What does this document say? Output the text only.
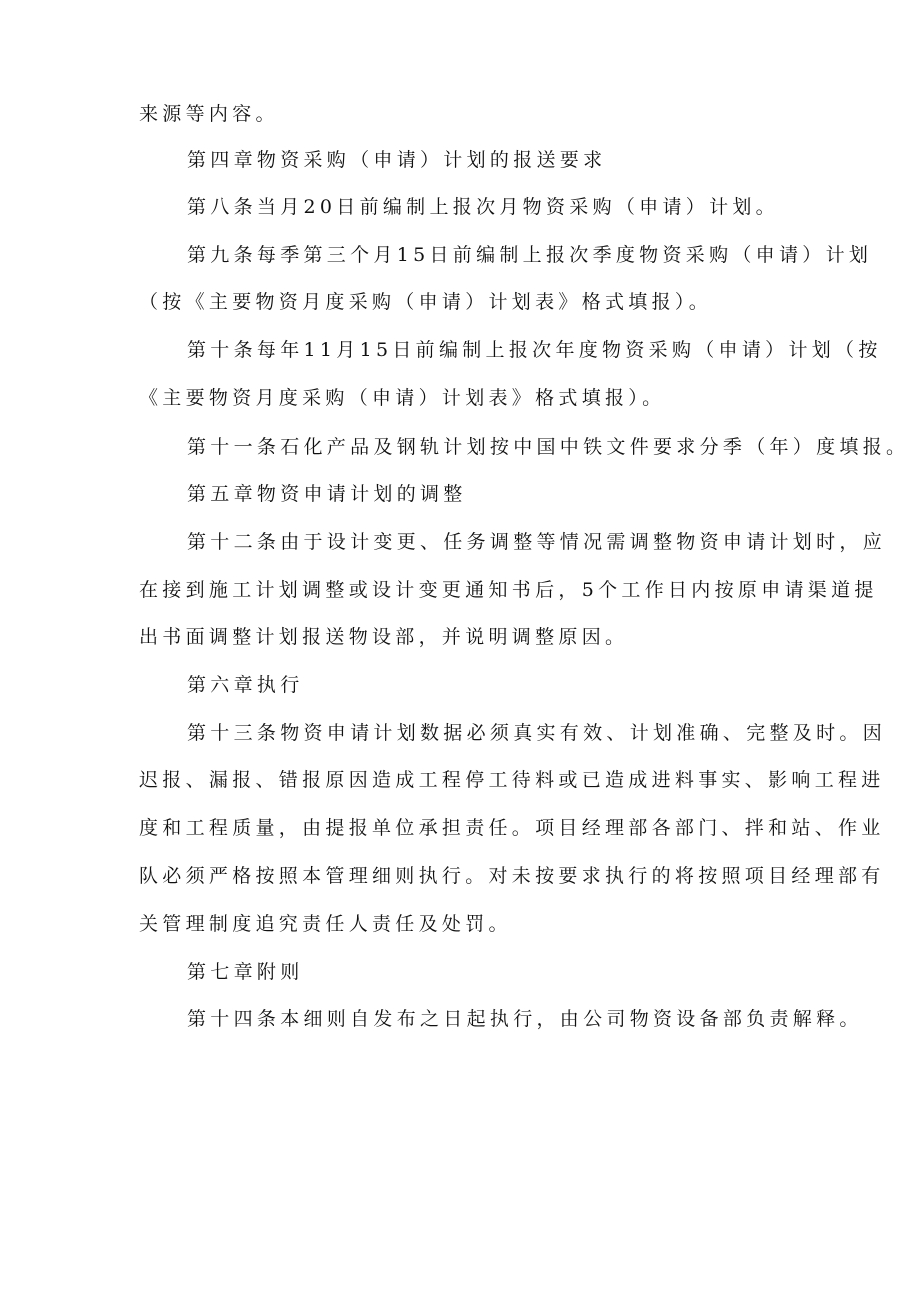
来源等内容。

第四章物资采购（申请）计划的报送要求

第八条当月20日前编制上报次月物资采购（申请）计划。

第九条每季第三个月15日前编制上报次季度物资采购（申请）计划

（按《主要物资月度采购（申请）计划表》格式填报）。

第十条每年11月15日前编制上报次年度物资采购（申请）计划（按

《主要物资月度采购（申请）计划表》格式填报）。

第十一条石化产品及钢轨计划按中国中铁文件要求分季（年）度填报。

第五章物资申请计划的调整

第十二条由于设计变更、任务调整等情况需调整物资申请计划时，应

在接到施工计划调整或设计变更通知书后，5个工作日内按原申请渠道提

出书面调整计划报送物设部，并说明调整原因。

第六章执行

第十三条物资申请计划数据必须真实有效、计划准确、完整及时。因

迟报、漏报、错报原因造成工程停工待料或已造成进料事实、影响工程进

度和工程质量，由提报单位承担责任。项目经理部各部门、拌和站、作业

队必须严格按照本管理细则执行。对未按要求执行的将按照项目经理部有

关管理制度追究责任人责任及处罚。

第七章附则

第十四条本细则自发布之日起执行，由公司物资设备部负责解释。
